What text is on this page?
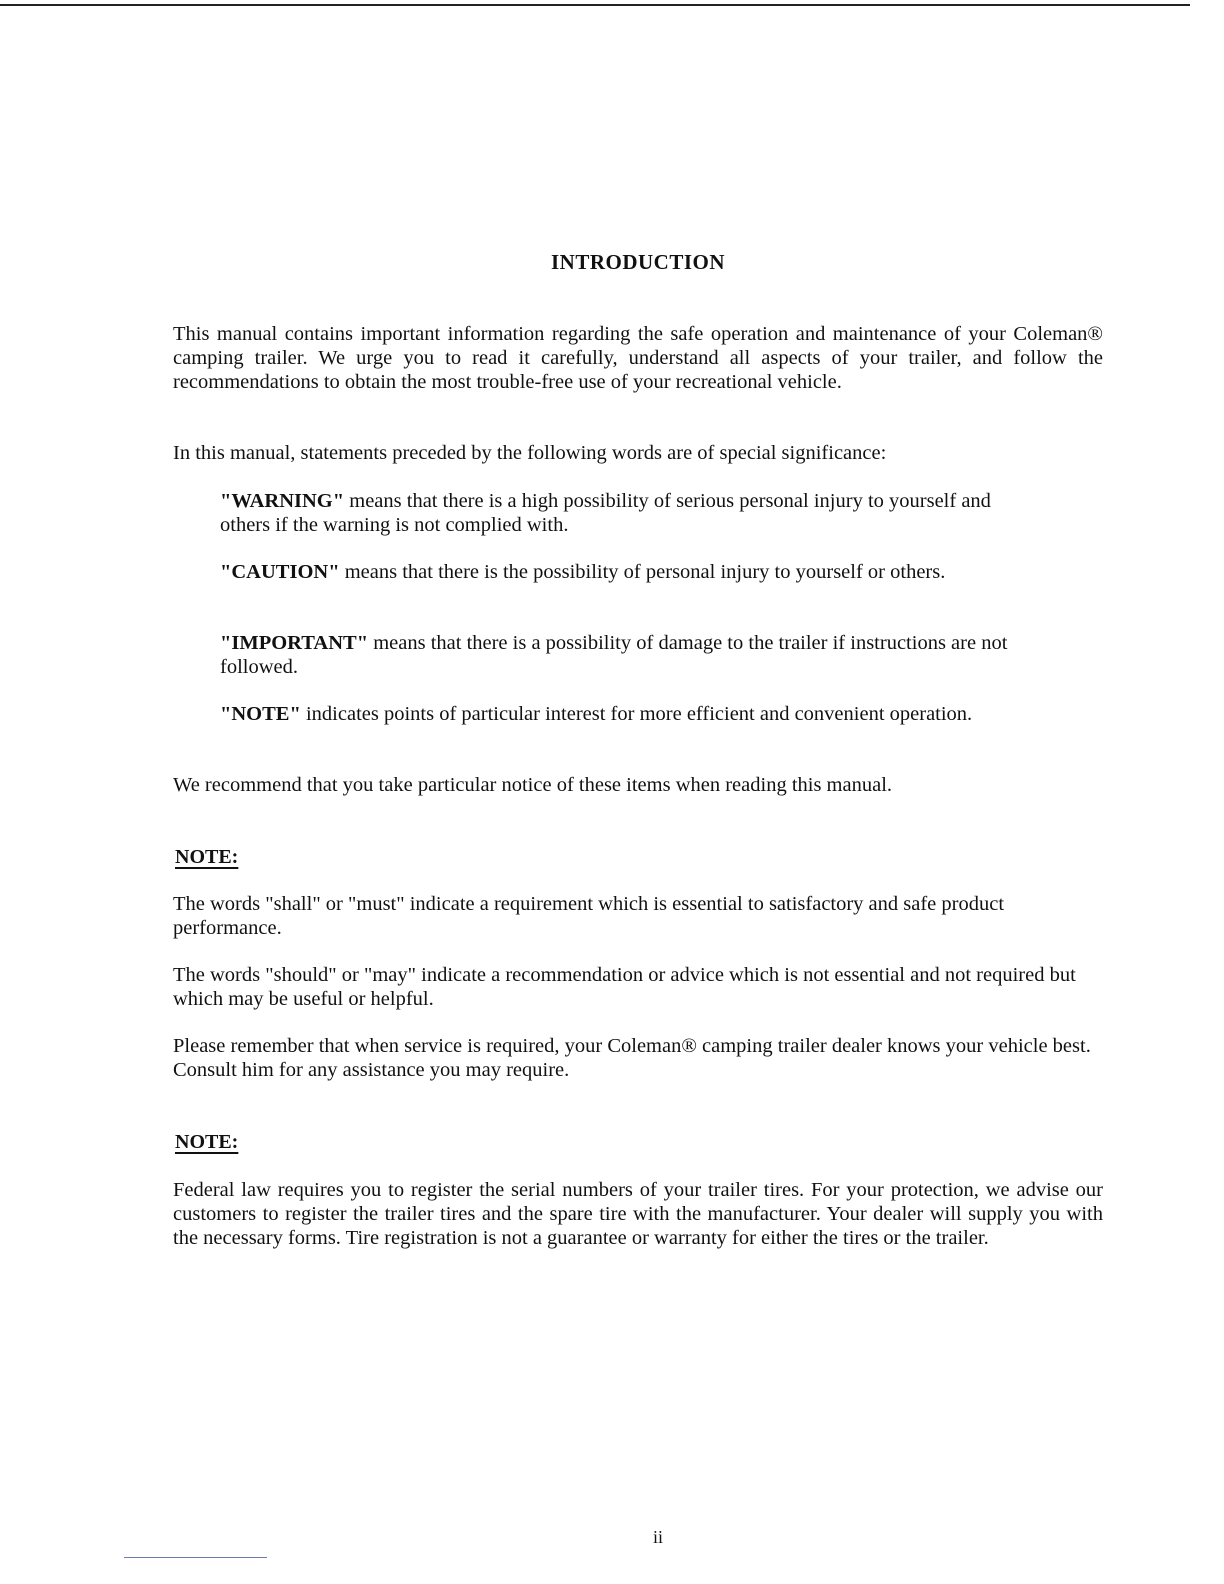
INTRODUCTION

This manual contains important information regarding the safe operation and maintenance of your Coleman® camping trailer. We urge you to read it carefully, understand all aspects of your trailer, and follow the recommendations to obtain the most trouble-free use of your recreational vehicle.

In this manual, statements preceded by the following words are of special significance:

"WARNING" means that there is a high possibility of serious personal injury to yourself and others if the warning is not complied with.

"CAUTION" means that there is the possibility of personal injury to yourself or others.

"IMPORTANT" means that there is a possibility of damage to the trailer if instructions are not followed.

"NOTE" indicates points of particular interest for more efficient and convenient operation.

We recommend that you take particular notice of these items when reading this manual.

NOTE:

The words "shall" or "must" indicate a requirement which is essential to satisfactory and safe product performance.

The words "should" or "may" indicate a recommendation or advice which is not essential and not required but which may be useful or helpful.

Please remember that when service is required, your Coleman® camping trailer dealer knows your vehicle best. Consult him for any assistance you may require.

NOTE:

Federal law requires you to register the serial numbers of your trailer tires. For your protection, we advise our customers to register the trailer tires and the spare tire with the manufacturer. Your dealer will supply you with the necessary forms. Tire registration is not a guarantee or warranty for either the tires or the trailer.

ii
